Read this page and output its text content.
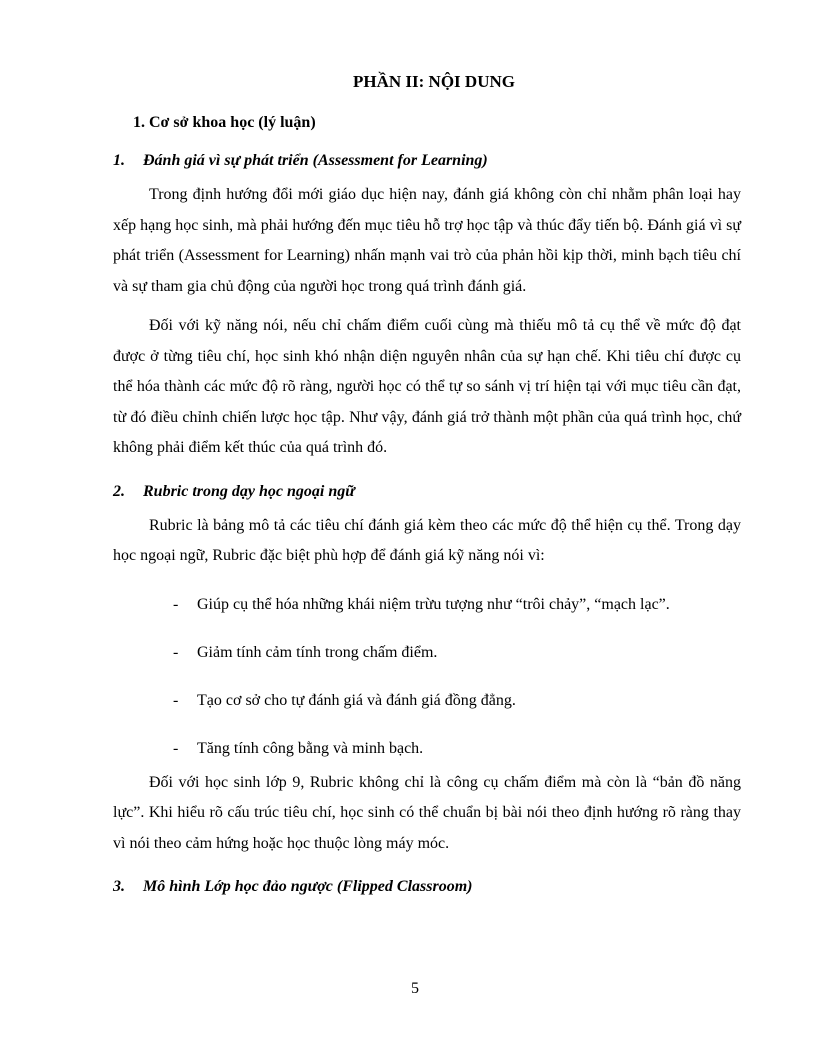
PHẦN II: NỘI DUNG
1. Cơ sở khoa học (lý luận)
1.	Đánh giá vì sự phát triển (Assessment for Learning)

Trong định hướng đổi mới giáo dục hiện nay, đánh giá không còn chỉ nhằm phân loại hay xếp hạng học sinh, mà phải hướng đến mục tiêu hỗ trợ học tập và thúc đẩy tiến bộ. Đánh giá vì sự phát triển (Assessment for Learning) nhấn mạnh vai trò của phản hồi kịp thời, minh bạch tiêu chí và sự tham gia chủ động của người học trong quá trình đánh giá.

Đối với kỹ năng nói, nếu chỉ chấm điểm cuối cùng mà thiếu mô tả cụ thể về mức độ đạt được ở từng tiêu chí, học sinh khó nhận diện nguyên nhân của sự hạn chế. Khi tiêu chí được cụ thể hóa thành các mức độ rõ ràng, người học có thể tự so sánh vị trí hiện tại với mục tiêu cần đạt, từ đó điều chỉnh chiến lược học tập. Như vậy, đánh giá trở thành một phần của quá trình học, chứ không phải điểm kết thúc của quá trình đó.

2.	Rubric trong dạy học ngoại ngữ

Rubric là bảng mô tả các tiêu chí đánh giá kèm theo các mức độ thể hiện cụ thể. Trong dạy học ngoại ngữ, Rubric đặc biệt phù hợp để đánh giá kỹ năng nói vì:

-	Giúp cụ thể hóa những khái niệm trừu tượng như “trôi chảy”, “mạch lạc”.
-	Giảm tính cảm tính trong chấm điểm.
-	Tạo cơ sở cho tự đánh giá và đánh giá đồng đẳng.
-	Tăng tính công bằng và minh bạch.

Đối với học sinh lớp 9, Rubric không chỉ là công cụ chấm điểm mà còn là “bản đồ năng lực”. Khi hiểu rõ cấu trúc tiêu chí, học sinh có thể chuẩn bị bài nói theo định hướng rõ ràng thay vì nói theo cảm hứng hoặc học thuộc lòng máy móc.

3.	Mô hình Lớp học đảo ngược (Flipped Classroom)
5
